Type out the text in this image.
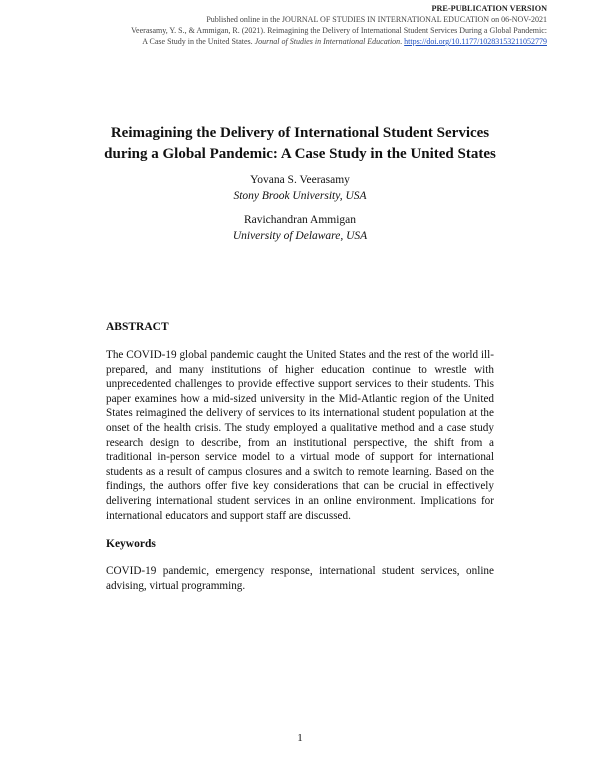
PRE-PUBLICATION VERSION
Published online in the JOURNAL OF STUDIES IN INTERNATIONAL EDUCATION on 06-NOV-2021
Veerasamy, Y. S., & Ammigan, R. (2021). Reimagining the Delivery of International Student Services During a Global Pandemic:
A Case Study in the United States. Journal of Studies in International Education. https://doi.org/10.1177/10283153211052779
Reimagining the Delivery of International Student Services
during a Global Pandemic: A Case Study in the United States
Yovana S. Veerasamy
Stony Brook University, USA
Ravichandran Ammigan
University of Delaware, USA
ABSTRACT

The COVID-19 global pandemic caught the United States and the rest of the world ill-prepared, and many institutions of higher education continue to wrestle with unprecedented challenges to provide effective support services to their students. This paper examines how a mid-sized university in the Mid-Atlantic region of the United States reimagined the delivery of services to its international student population at the onset of the health crisis. The study employed a qualitative method and a case study research design to describe, from an institutional perspective, the shift from a traditional in-person service model to a virtual mode of support for international students as a result of campus closures and a switch to remote learning. Based on the findings, the authors offer five key considerations that can be crucial in effectively delivering international student services in an online environment. Implications for international educators and support staff are discussed.

Keywords

COVID-19 pandemic, emergency response, international student services, online advising, virtual programming.

1
